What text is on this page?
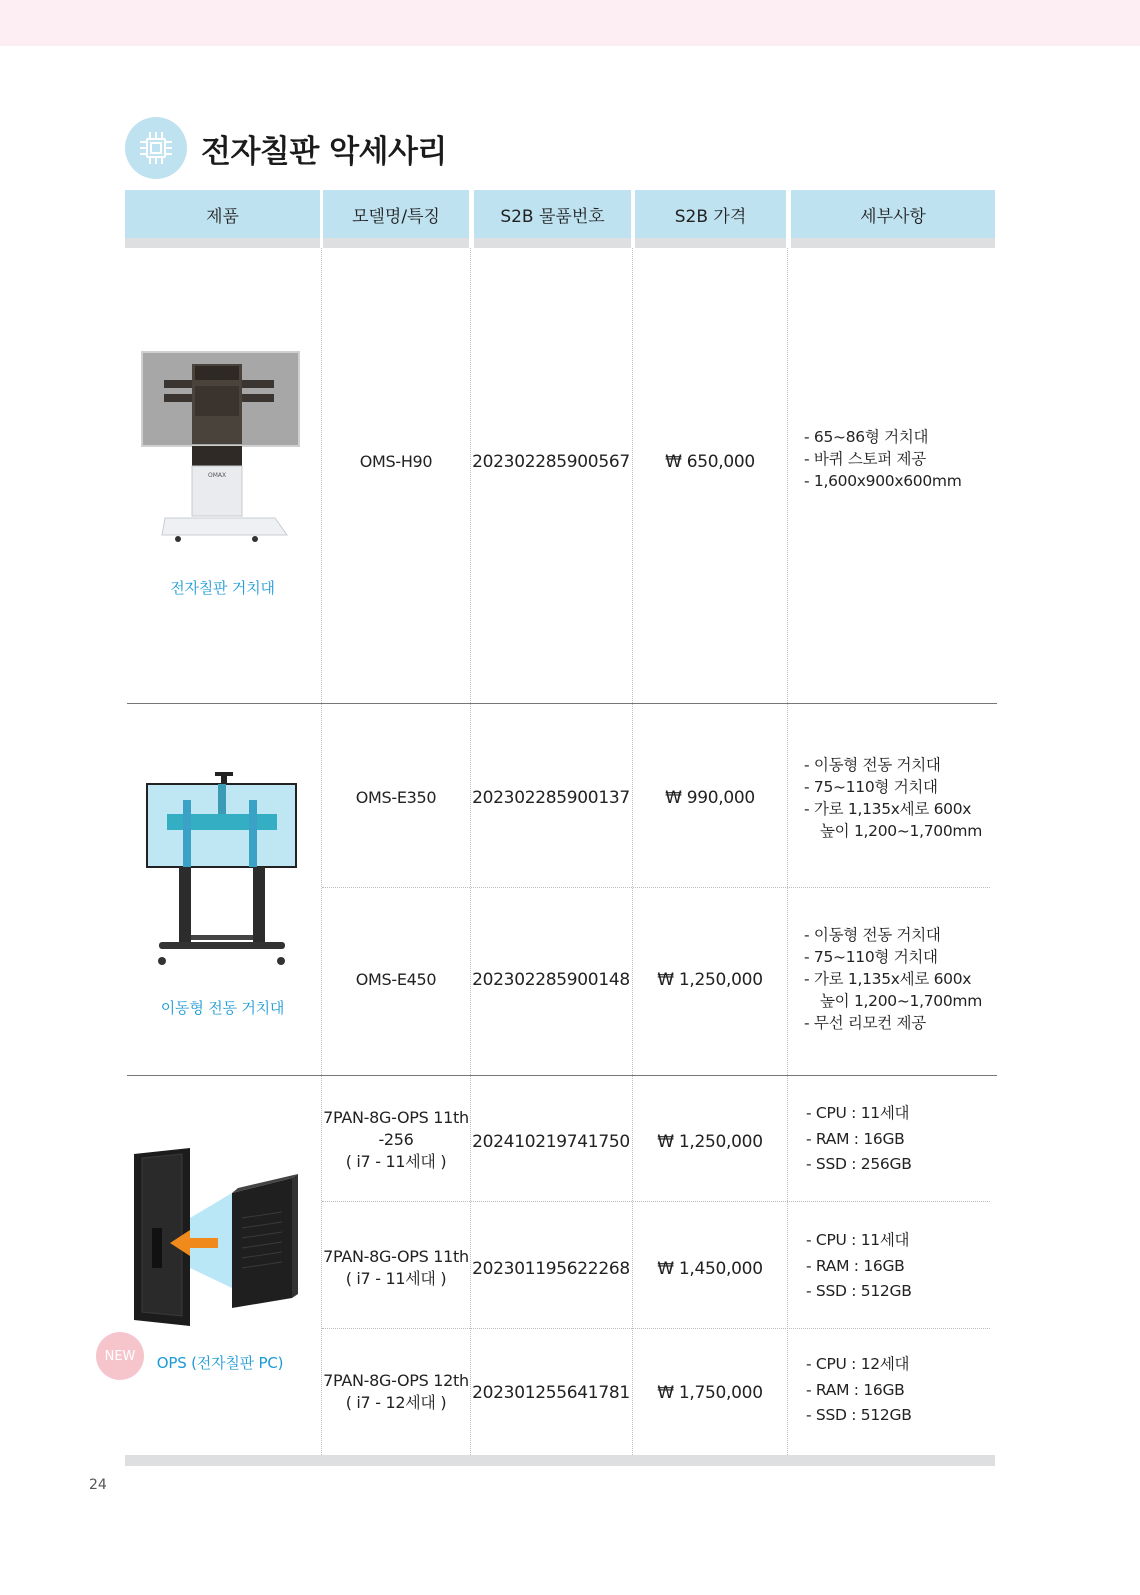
전자칠판 악세사리
제품	모델명/특징	S2B 물품번호	S2B 가격	세부사항
OMAX
전자칠판 거치대
OMS-H90	202302285900567	₩ 650,000
- 65~86형 거치대
- 바퀴 스토퍼 제공
- 1,600x900x600mm
이동형 전동 거치대
OMS-E350	202302285900137	₩ 990,000
- 이동형 전동 거치대
- 75~110형 거치대
- 가로 1,135x세로 600x
높이 1,200~1,700mm
OMS-E450	202302285900148	₩ 1,250,000
- 이동형 전동 거치대
- 75~110형 거치대
- 가로 1,135x세로 600x
높이 1,200~1,700mm
- 무선 리모컨 제공
NEW	OPS (전자칠판 PC)
7PAN-8G-OPS 11th
-256
( i7 - 11세대 )
202410219741750	₩ 1,250,000
- CPU : 11세대
- RAM : 16GB
- SSD : 256GB
7PAN-8G-OPS 11th
( i7 - 11세대 ) 202301195622268	₩ 1,450,000
- CPU : 11세대
- RAM : 16GB
- SSD : 512GB
7PAN-8G-OPS 12th
( i7 - 12세대 ) 202301255641781	₩ 1,750,000
- CPU : 12세대
- RAM : 16GB
- SSD : 512GB
24
